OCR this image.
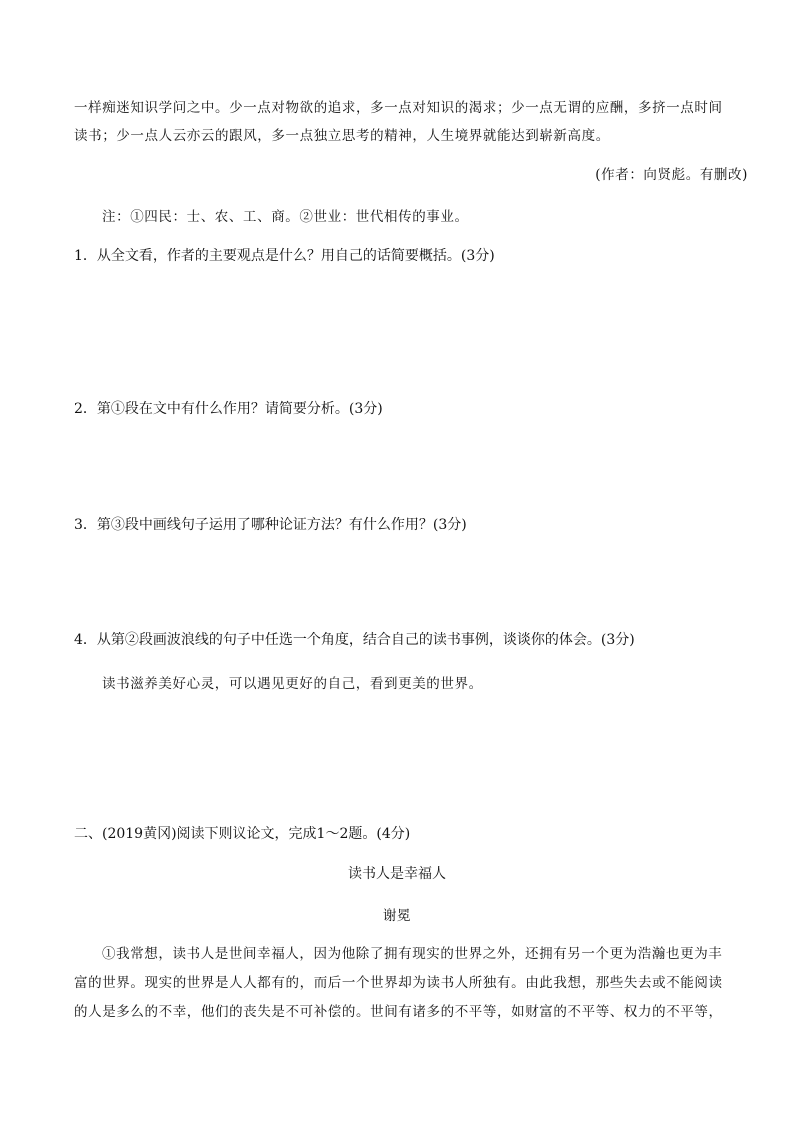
一样痴迷知识学问之中。少一点对物欲的追求，多一点对知识的渴求；少一点无谓的应酬，多挤一点时间
读书；少一点人云亦云的跟风，多一点独立思考的精神，人生境界就能达到崭新高度。
(作者：向贤彪。有删改)
注：①四民：士、农、工、商。②世业：世代相传的事业。
1．从全文看，作者的主要观点是什么？用自己的话简要概括。(3分)
2．第①段在文中有什么作用？请简要分析。(3分)
3．第③段中画线句子运用了哪种论证方法？有什么作用？(3分)
4．从第②段画波浪线的句子中任选一个角度，结合自己的读书事例，谈谈你的体会。(3分)
读书滋养美好心灵，可以遇见更好的自己，看到更美的世界。
二、(2019黄冈)阅读下则议论文，完成1～2题。(4分)
读书人是幸福人
谢冕
①我常想，读书人是世间幸福人，因为他除了拥有现实的世界之外，还拥有另一个更为浩瀚也更为丰
富的世界。现实的世界是人人都有的，而后一个世界却为读书人所独有。由此我想，那些失去或不能阅读
的人是多么的不幸，他们的丧失是不可补偿的。世间有诸多的不平等，如财富的不平等、权力的不平等，
